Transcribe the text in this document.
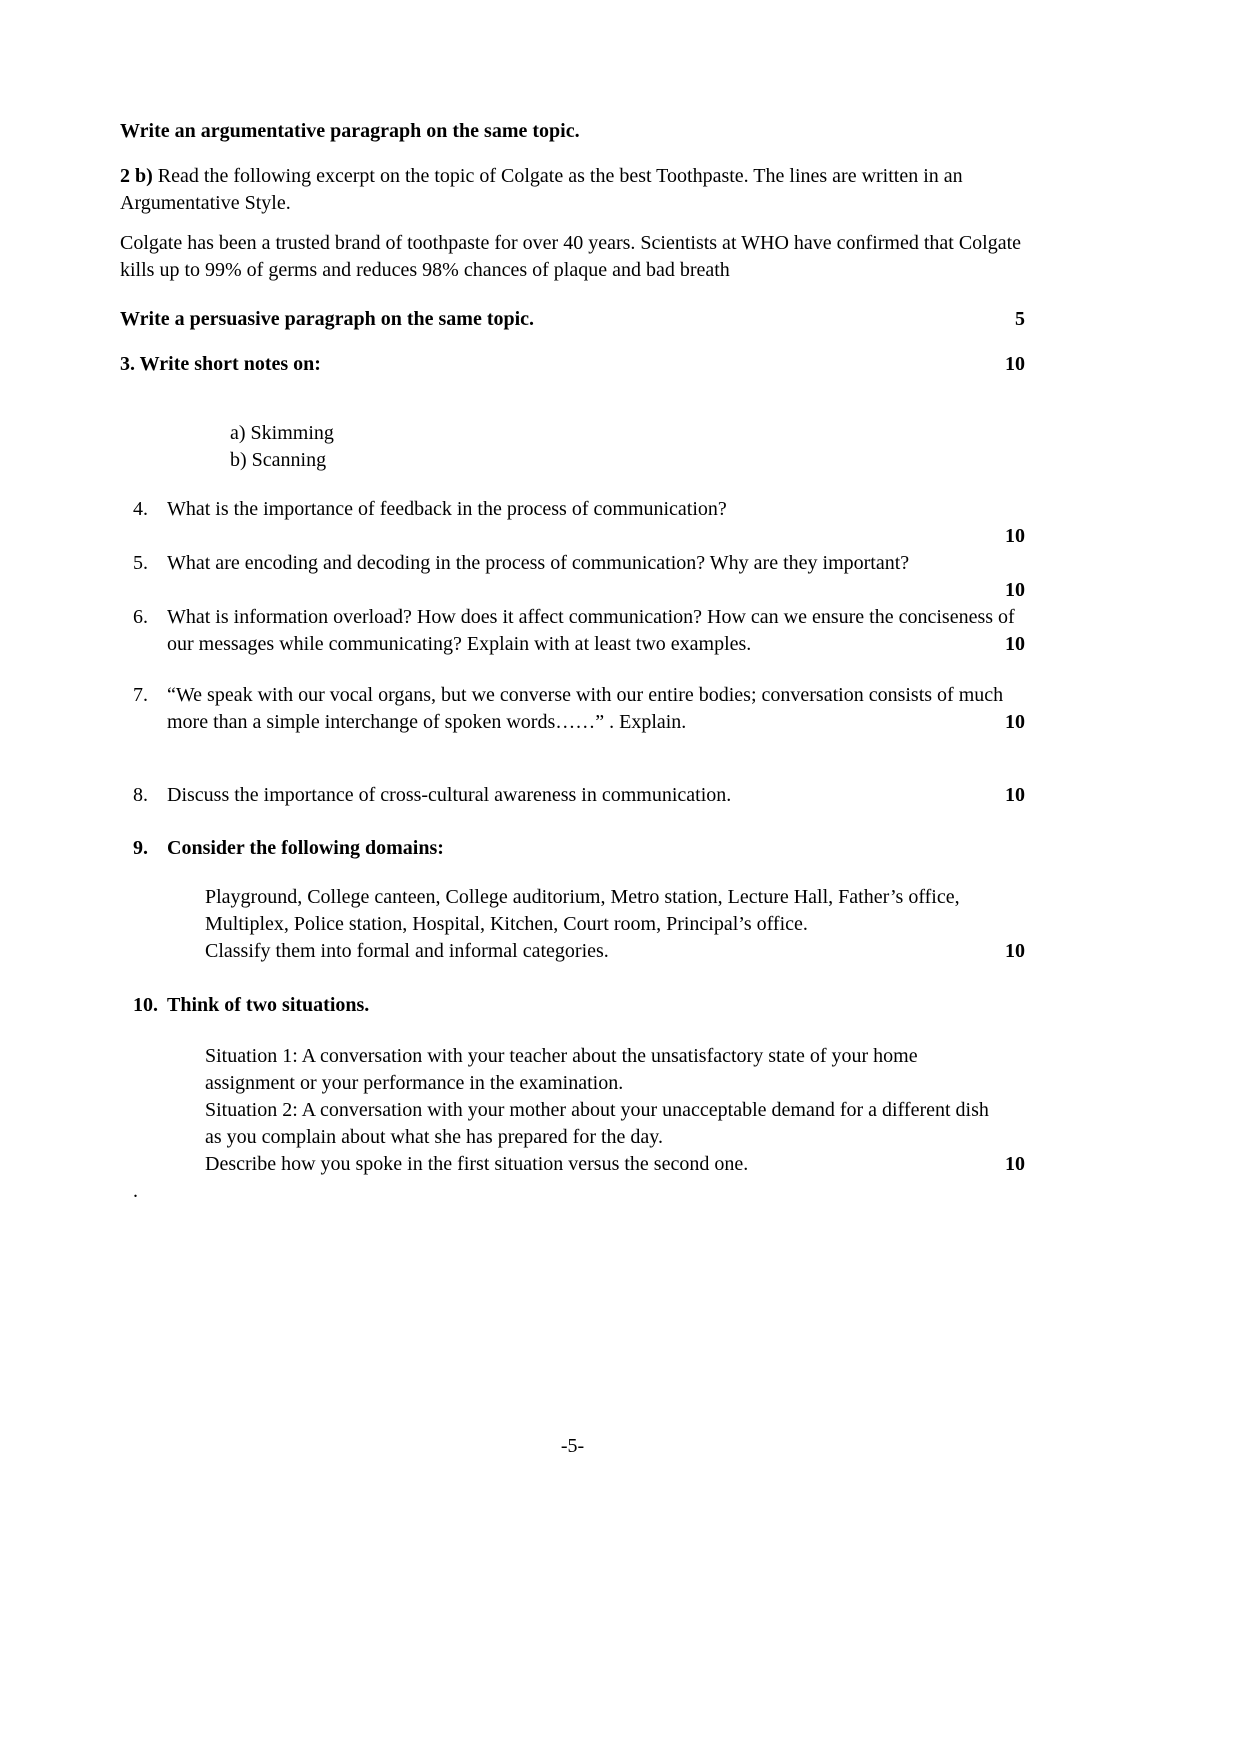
Write an argumentative paragraph on the same topic.

2 b) Read the following excerpt on the topic of Colgate as the best Toothpaste. The lines are written in an Argumentative Style.

Colgate has been a trusted brand of toothpaste for over 40 years. Scientists at WHO have confirmed that Colgate kills up to 99% of germs and reduces 98% chances of plaque and bad breath

Write a persuasive paragraph on the same topic.	5
3. Write short notes on:	10
a) Skimming
b) Scanning
4. What is the importance of feedback in the process of communication?
10
5. What are encoding and decoding in the process of communication? Why are they important?
10
6. What is information overload? How does it affect communication? How can we ensure the conciseness of our messages while communicating? Explain with at least two examples.	10
7. “We speak with our vocal organs, but we converse with our entire bodies; conversation consists of much more than a simple interchange of spoken words……” . Explain.	10
8. Discuss the importance of cross-cultural awareness in communication.	10
9. Consider the following domains:
Playground, College canteen, College auditorium, Metro station, Lecture Hall, Father’s office, Multiplex, Police station, Hospital, Kitchen, Court room, Principal’s office.
Classify them into formal and informal categories.	10
10. Think of two situations.
Situation 1: A conversation with your teacher about the unsatisfactory state of your home assignment or your performance in the examination.
Situation 2: A conversation with your mother about your unacceptable demand for a different dish as you complain about what she has prepared for the day.
Describe how you spoke in the first situation versus the second one.	10

.

-5-
